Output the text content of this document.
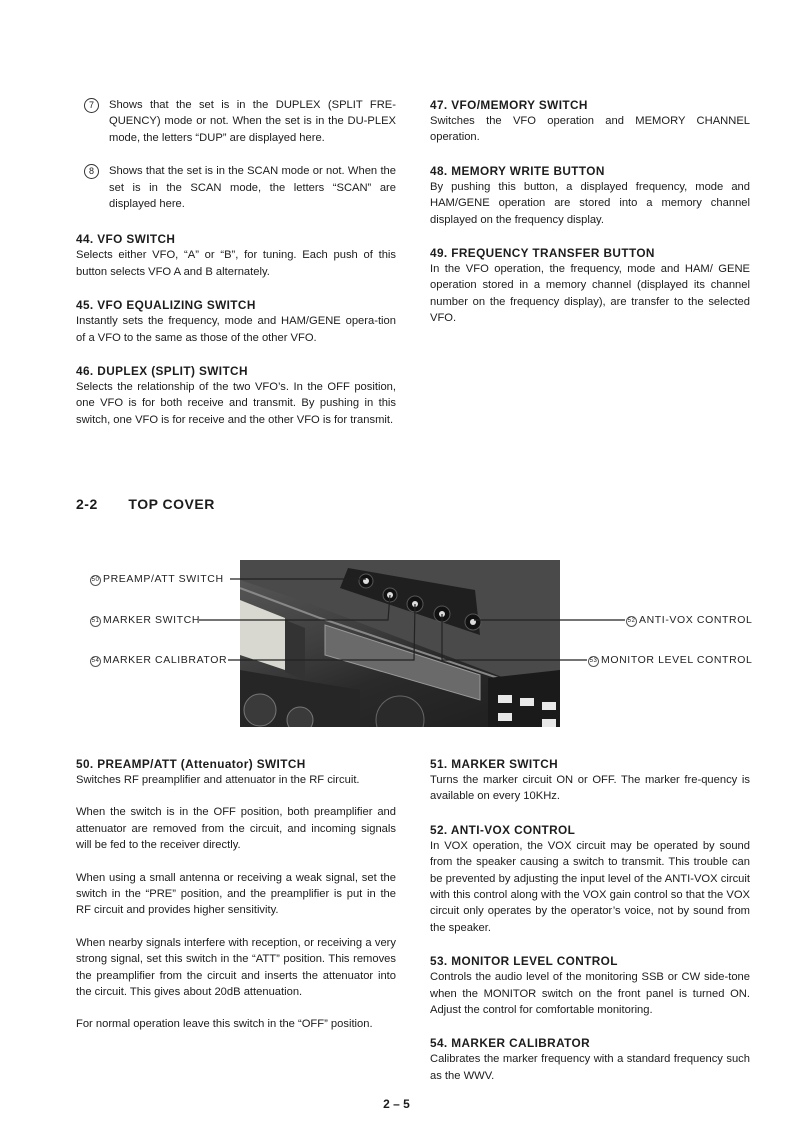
7	Shows that the set is in the DUPLEX (SPLIT FRE-QUENCY) mode or not. When the set is in the DU-PLEX mode, the letters “DUP” are displayed here.
8	Shows that the set is in the SCAN mode or not. When the set is in the SCAN mode, the letters “SCAN” are displayed here.

44. VFO SWITCH

Selects either VFO, “A” or “B”, for tuning. Each push of this button selects VFO A and B alternately.

45. VFO EQUALIZING SWITCH

Instantly sets the frequency, mode and HAM/GENE opera-tion of a VFO to the same as those of the other VFO.

46. DUPLEX (SPLIT) SWITCH

Selects the relationship of the two VFO’s. In the OFF position, one VFO is for both receive and transmit. By pushing in this switch, one VFO is for receive and the other VFO is for transmit.

47. VFO/MEMORY SWITCH

Switches the VFO operation and MEMORY CHANNEL operation.

48. MEMORY WRITE BUTTON

By pushing this button, a displayed frequency, mode and HAM/GENE operation are stored into a memory channel displayed on the frequency display.

49. FREQUENCY TRANSFER BUTTON

In the VFO operation, the frequency, mode and HAM/ GENE operation stored in a memory channel (displayed its channel number on the frequency display), are transfer to the selected VFO.

2-2 TOP COVER
50 PREAMP/ATT SWITCH
51 MARKER SWITCH
54 MARKER CALIBRATOR
52 ANTI-VOX CONTROL
53 MONITOR LEVEL CONTROL

50. PREAMP/ATT (Attenuator) SWITCH

Switches RF preamplifier and attenuator in the RF circuit.

When the switch is in the OFF position, both preamplifier and attenuator are removed from the circuit, and incoming signals will be fed to the receiver directly.

When using a small antenna or receiving a weak signal, set the switch in the “PRE” position, and the preamplifier is put in the RF circuit and provides higher sensitivity.

When nearby signals interfere with reception, or receiving a very strong signal, set this switch in the “ATT” position. This removes the preamplifier from the circuit and inserts the attenuator into the circuit. This gives about 20dB attenuation.

For normal operation leave this switch in the “OFF” position.

51. MARKER SWITCH

Turns the marker circuit ON or OFF. The marker fre-quency is available on every 10KHz.

52. ANTI-VOX CONTROL

In VOX operation, the VOX circuit may be operated by sound from the speaker causing a switch to transmit. This trouble can be prevented by adjusting the input level of the ANTI-VOX circuit with this control along with the VOX gain control so that the VOX circuit only operates by the operator’s voice, not by sound from the speaker.

53. MONITOR LEVEL CONTROL

Controls the audio level of the monitoring SSB or CW side-tone when the MONITOR switch on the front panel is turned ON. Adjust the control for comfortable monitoring.

54. MARKER CALIBRATOR

Calibrates the marker frequency with a standard frequency such as the WWV.

2 – 5
